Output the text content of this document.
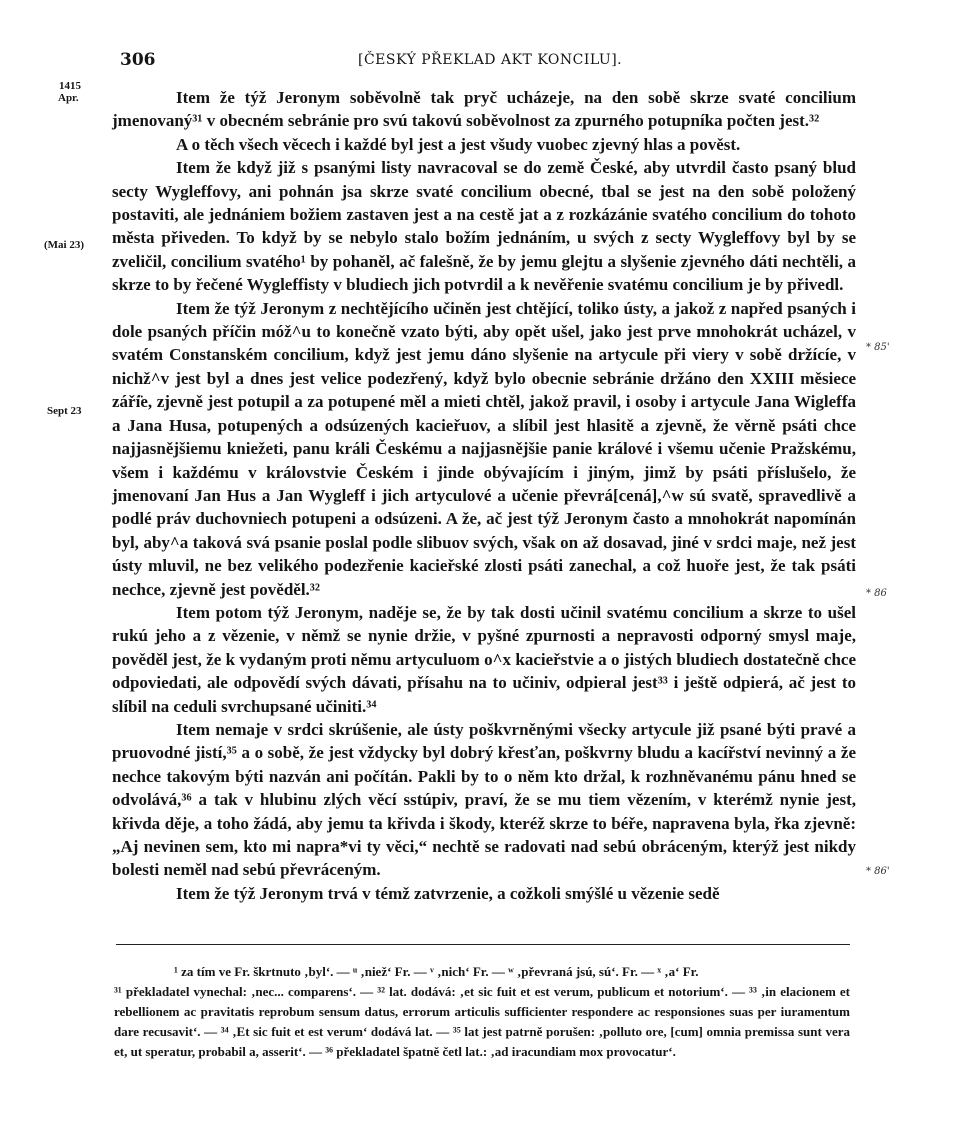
306	[ČESKÝ PŘEKLAD AKT KONCILU].
1415
Apr.
(Mai 23)
Sept 23
* 85'
* 86
* 86'

Item že týž Jeronym soběvolně tak pryč ucházeje, na den sobě skrze svaté concilium jmenovaný³¹ v obecném sebránie pro svú takovú soběvolnost za zpurného potupníka počten jest.³²

A o těch všech věcech i každé byl jest a jest všudy vuobec zjevný hlas a pověst.

Item že když již s psanými listy navracoval se do země České, aby utvrdil často psaný blud secty Wygleffovy, ani pohnán jsa skrze svaté concilium obecné, tbal se jest na den sobě položený postaviti, ale jednániem božiem zastaven jest a na cestě jat a z rozkázánie svatého concilium do tohoto města přiveden. To když by se nebylo stalo božím jednáním, u svých z secty Wygleffovy byl by se zveličil, concilium svatého¹ by pohaněl, ač falešně, že by jemu glejtu a slyšenie zjevného dáti nechtěli, a skrze to by řečené Wygleffisty v bludiech jich potvrdil a k nevěřenie svatému concilium je by přivedl.

Item že týž Jeronym z nechtějícího učiněn jest chtějící, toliko ústy, a jakož z napřed psaných i dole psaných příčin móž^u to konečně vzato býti, aby opět ušel, jako jest prve mnohokrát ucházel, v svatém Constanském concilium, když jest jemu dáno slyšenie na artycule při viery v sobě držícíe, v nichž^v jest byl a dnes jest velice podezřený, když bylo obecnie sebránie držáno den XXIII měsiece září̈e, zjevně jest potupil a za potupené měl a mieti chtěl, jakož pravil, i osoby i artycule Jana Wigleffa a Jana Husa, potupených a odsúzených kacieřuov, a slíbil jest hlasitě a zjevně, že věrně psáti chce najjasnějšiemu kniežeti, panu králi Českému a najjasnějšie panie králové i všemu učenie Pražskému, všem i každému v královstvie Českém i jinde obývajícím i jiným, jimž by psáti příslušelo, že jmenovaní Jan Hus a Jan Wygleff i jich artyculové a učenie převrá[cená],^w sú svatě, spravedlivě a podlé práv duchovniech potupeni a odsúzeni. A že, ač jest týž Jeronym často a mnohokrát napomínán byl, aby^a taková svá psanie poslal podle slibuov svých, však on až dosavad, jiné v srdci maje, než jest ústy mluvil, ne bez velikého podezřenie kacieřské zlosti psáti zanechal, a což huoře jest, že tak psáti nechce, zjevně jest pověděl.³²

Item potom týž Jeronym, naděje se, že by tak dosti učinil svatému concilium a skrze to ušel rukú jeho a z vězenie, v němž se nynie držie, v pyšné zpurnosti a nepravosti odporný smysl maje, pověděl jest, že k vydaným proti němu artyculuom o^x kacieřstvie a o jistých bludiech dostatečně chce odpoviedati, ale odpovědí svých dávati, přísahu na to učiniv, odpieral jest³³ i ještě odpierá, ač jest to slíbil na ceduli svrchupsané učiniti.³⁴

Item nemaje v srdci skrúšenie, ale ústy poškvrněnými všecky artycule již psané býti pravé a pruovodné jistí,³⁵ a o sobě, že jest vždycky byl dobrý křesťan, poškvrny bludu a kacířství nevinný a že nechce takovým býti nazván ani počítán. Pakli by to o něm kto držal, k rozhněvanému pánu hned se odvolává,³⁶ a tak v hlubinu zlých věcí sstúpiv, praví, že se mu tiem vězením, v kterémž nynie jest, křivda děje, a toho žádá, aby jemu ta křivda i škody, kteréž skrze to béře, napravena byla, řka zjevně: „Aj nevinen sem, kto mi napra*vi ty věci,“ nechtě se radovati nad sebú obráceným, kterýž jest nikdy bolesti neměl nad sebú převráceným.

Item že týž Jeronym trvá v témž zatvrzenie, a cožkoli smýšlé u vězenie sedě

¹ za tím ve Fr. škrtnuto ‚byl‘. — ᵘ ‚niež‘ Fr. — ᵛ ‚nich‘ Fr. — ʷ ‚převraná jsú, sú‘. Fr. — ˣ ‚a‘ Fr.

³¹ překladatel vynechal: ‚nec... comparens‘. — ³² lat. dodává: ‚et sic fuit et est verum, publicum et notorium‘. — ³³ ‚in elacionem et rebellionem ac pravitatis reprobum sensum datus, errorum articulis sufficienter respondere ac responsiones suas per iuramentum dare recusavit‘. — ³⁴ ‚Et sic fuit et est verum‘ dodává lat. — ³⁵ lat jest patrně porušen: ‚polluto ore, [cum] omnia premissa sunt vera et, ut speratur, probabil a, asserit‘. — ³⁶ překladatel špatně četl lat.: ‚ad iracundiam mox provocatur‘.
